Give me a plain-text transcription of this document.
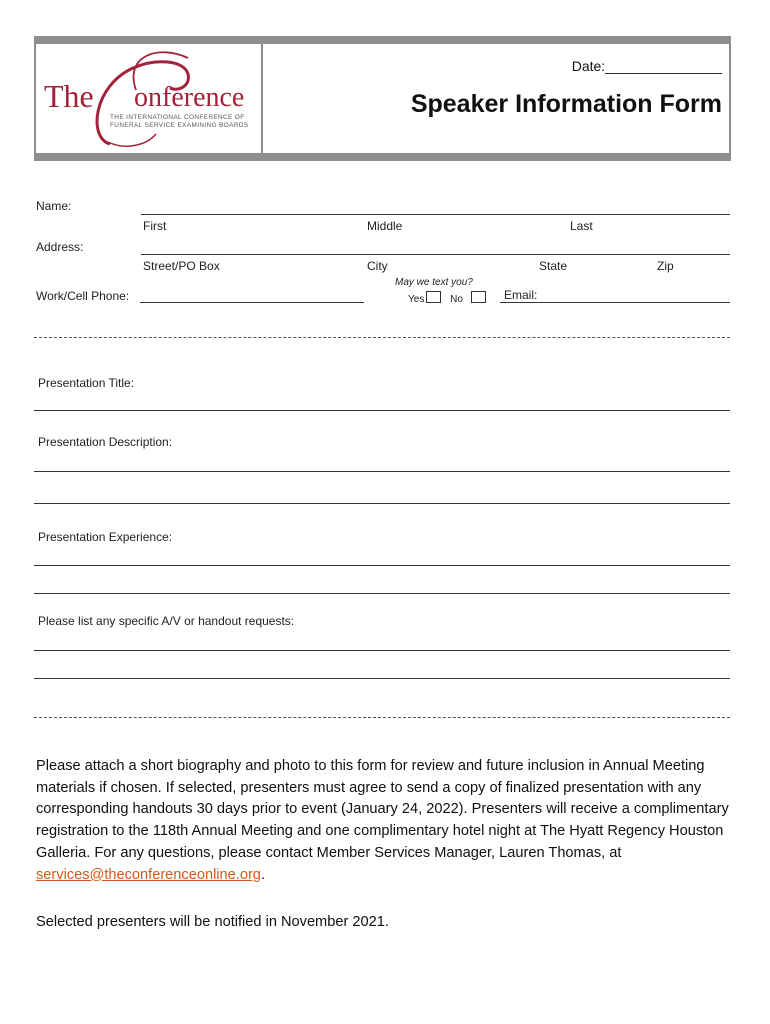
The onference
THE INTERNATIONAL CONFERENCE OF
FUNERAL SERVICE EXAMINING BOARDS
Date:_______________
Speaker Information Form
Name:
First	Middle	Last
Address:
Street/PO Box	City	State	Zip
Work/Cell Phone:
May we text you?
Yes	No	Email:
Presentation Title:
Presentation Description:
Presentation Experience:
Please list any specific A/V or handout requests:
Please attach a short biography and photo to this form for review and future inclusion in Annual Meeting materials if chosen. If selected, presenters must agree to send a copy of finalized presentation with any corresponding handouts 30 days prior to event (January 24, 2022). Presenters will receive a complimentary registration to the 118th Annual Meeting and one complimentary hotel night at The Hyatt Regency Houston Galleria. For any questions, please contact Member Services Manager, Lauren Thomas, at services@theconferenceonline.org.
Selected presenters will be notified in November 2021.
